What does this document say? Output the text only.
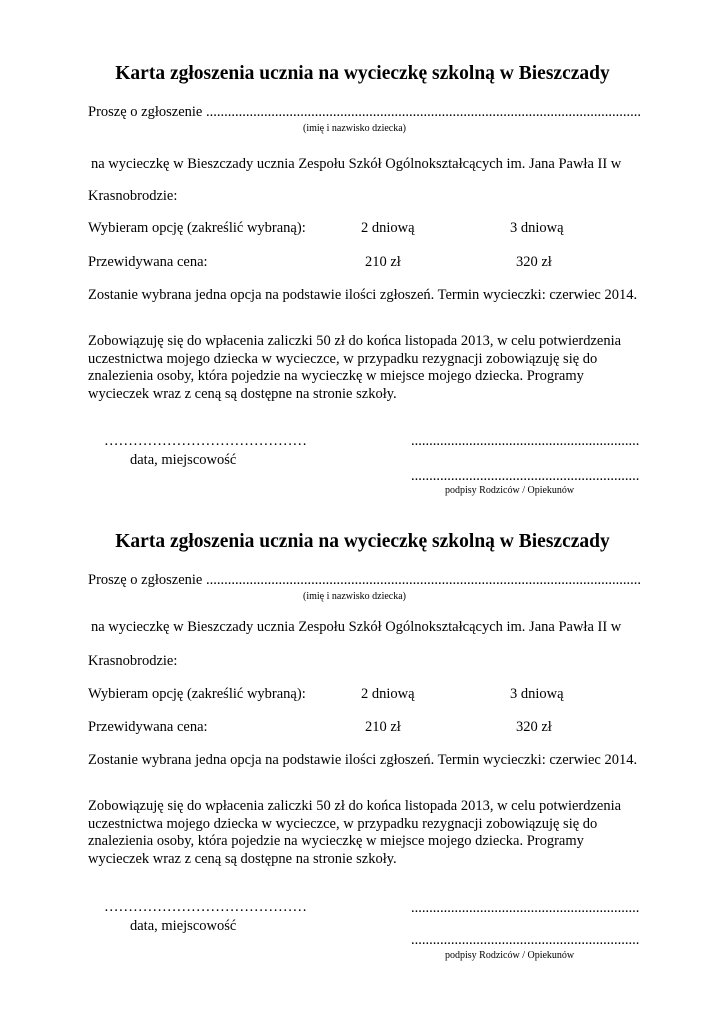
Karta zgłoszenia ucznia na wycieczkę szkolną w Bieszczady
Proszę o zgłoszenie ........................................................................................................................
(imię i nazwisko dziecka)
na wycieczkę w Bieszczady ucznia Zespołu Szkół Ogólnokształcących im. Jana Pawła II w
Krasnobrodzie:
Wybieram opcję (zakreślić wybraną):	2 dniową	3 dniową
Przewidywana cena:	210 zł	320 zł
Zostanie wybrana jedna opcja na podstawie ilości zgłoszeń. Termin wycieczki: czerwiec 2014.
Zobowiązuję się do wpłacenia zaliczki 50 zł do końca listopada 2013, w celu potwierdzenia uczestnictwa mojego dziecka w wycieczce, w przypadku rezygnacji zobowiązuję się do znalezienia osoby, która pojedzie na wycieczkę w miejsce mojego dziecka. Programy wycieczek wraz z ceną są dostępne na stronie szkoły.
……………………………………
data, miejscowość
...............................................................
...............................................................
podpisy Rodziców / Opiekunów
Karta zgłoszenia ucznia na wycieczkę szkolną w Bieszczady
Proszę o zgłoszenie ........................................................................................................................
(imię i nazwisko dziecka)
na wycieczkę w Bieszczady ucznia Zespołu Szkół Ogólnokształcących im. Jana Pawła II w
Krasnobrodzie:
Wybieram opcję (zakreślić wybraną):	2 dniową	3 dniową
Przewidywana cena:	210 zł	320 zł
Zostanie wybrana jedna opcja na podstawie ilości zgłoszeń. Termin wycieczki: czerwiec 2014.
Zobowiązuję się do wpłacenia zaliczki 50 zł do końca listopada 2013, w celu potwierdzenia uczestnictwa mojego dziecka w wycieczce, w przypadku rezygnacji zobowiązuję się do znalezienia osoby, która pojedzie na wycieczkę w miejsce mojego dziecka. Programy wycieczek wraz z ceną są dostępne na stronie szkoły.
……………………………………
data, miejscowość
...............................................................
...............................................................
podpisy Rodziców / Opiekunów
